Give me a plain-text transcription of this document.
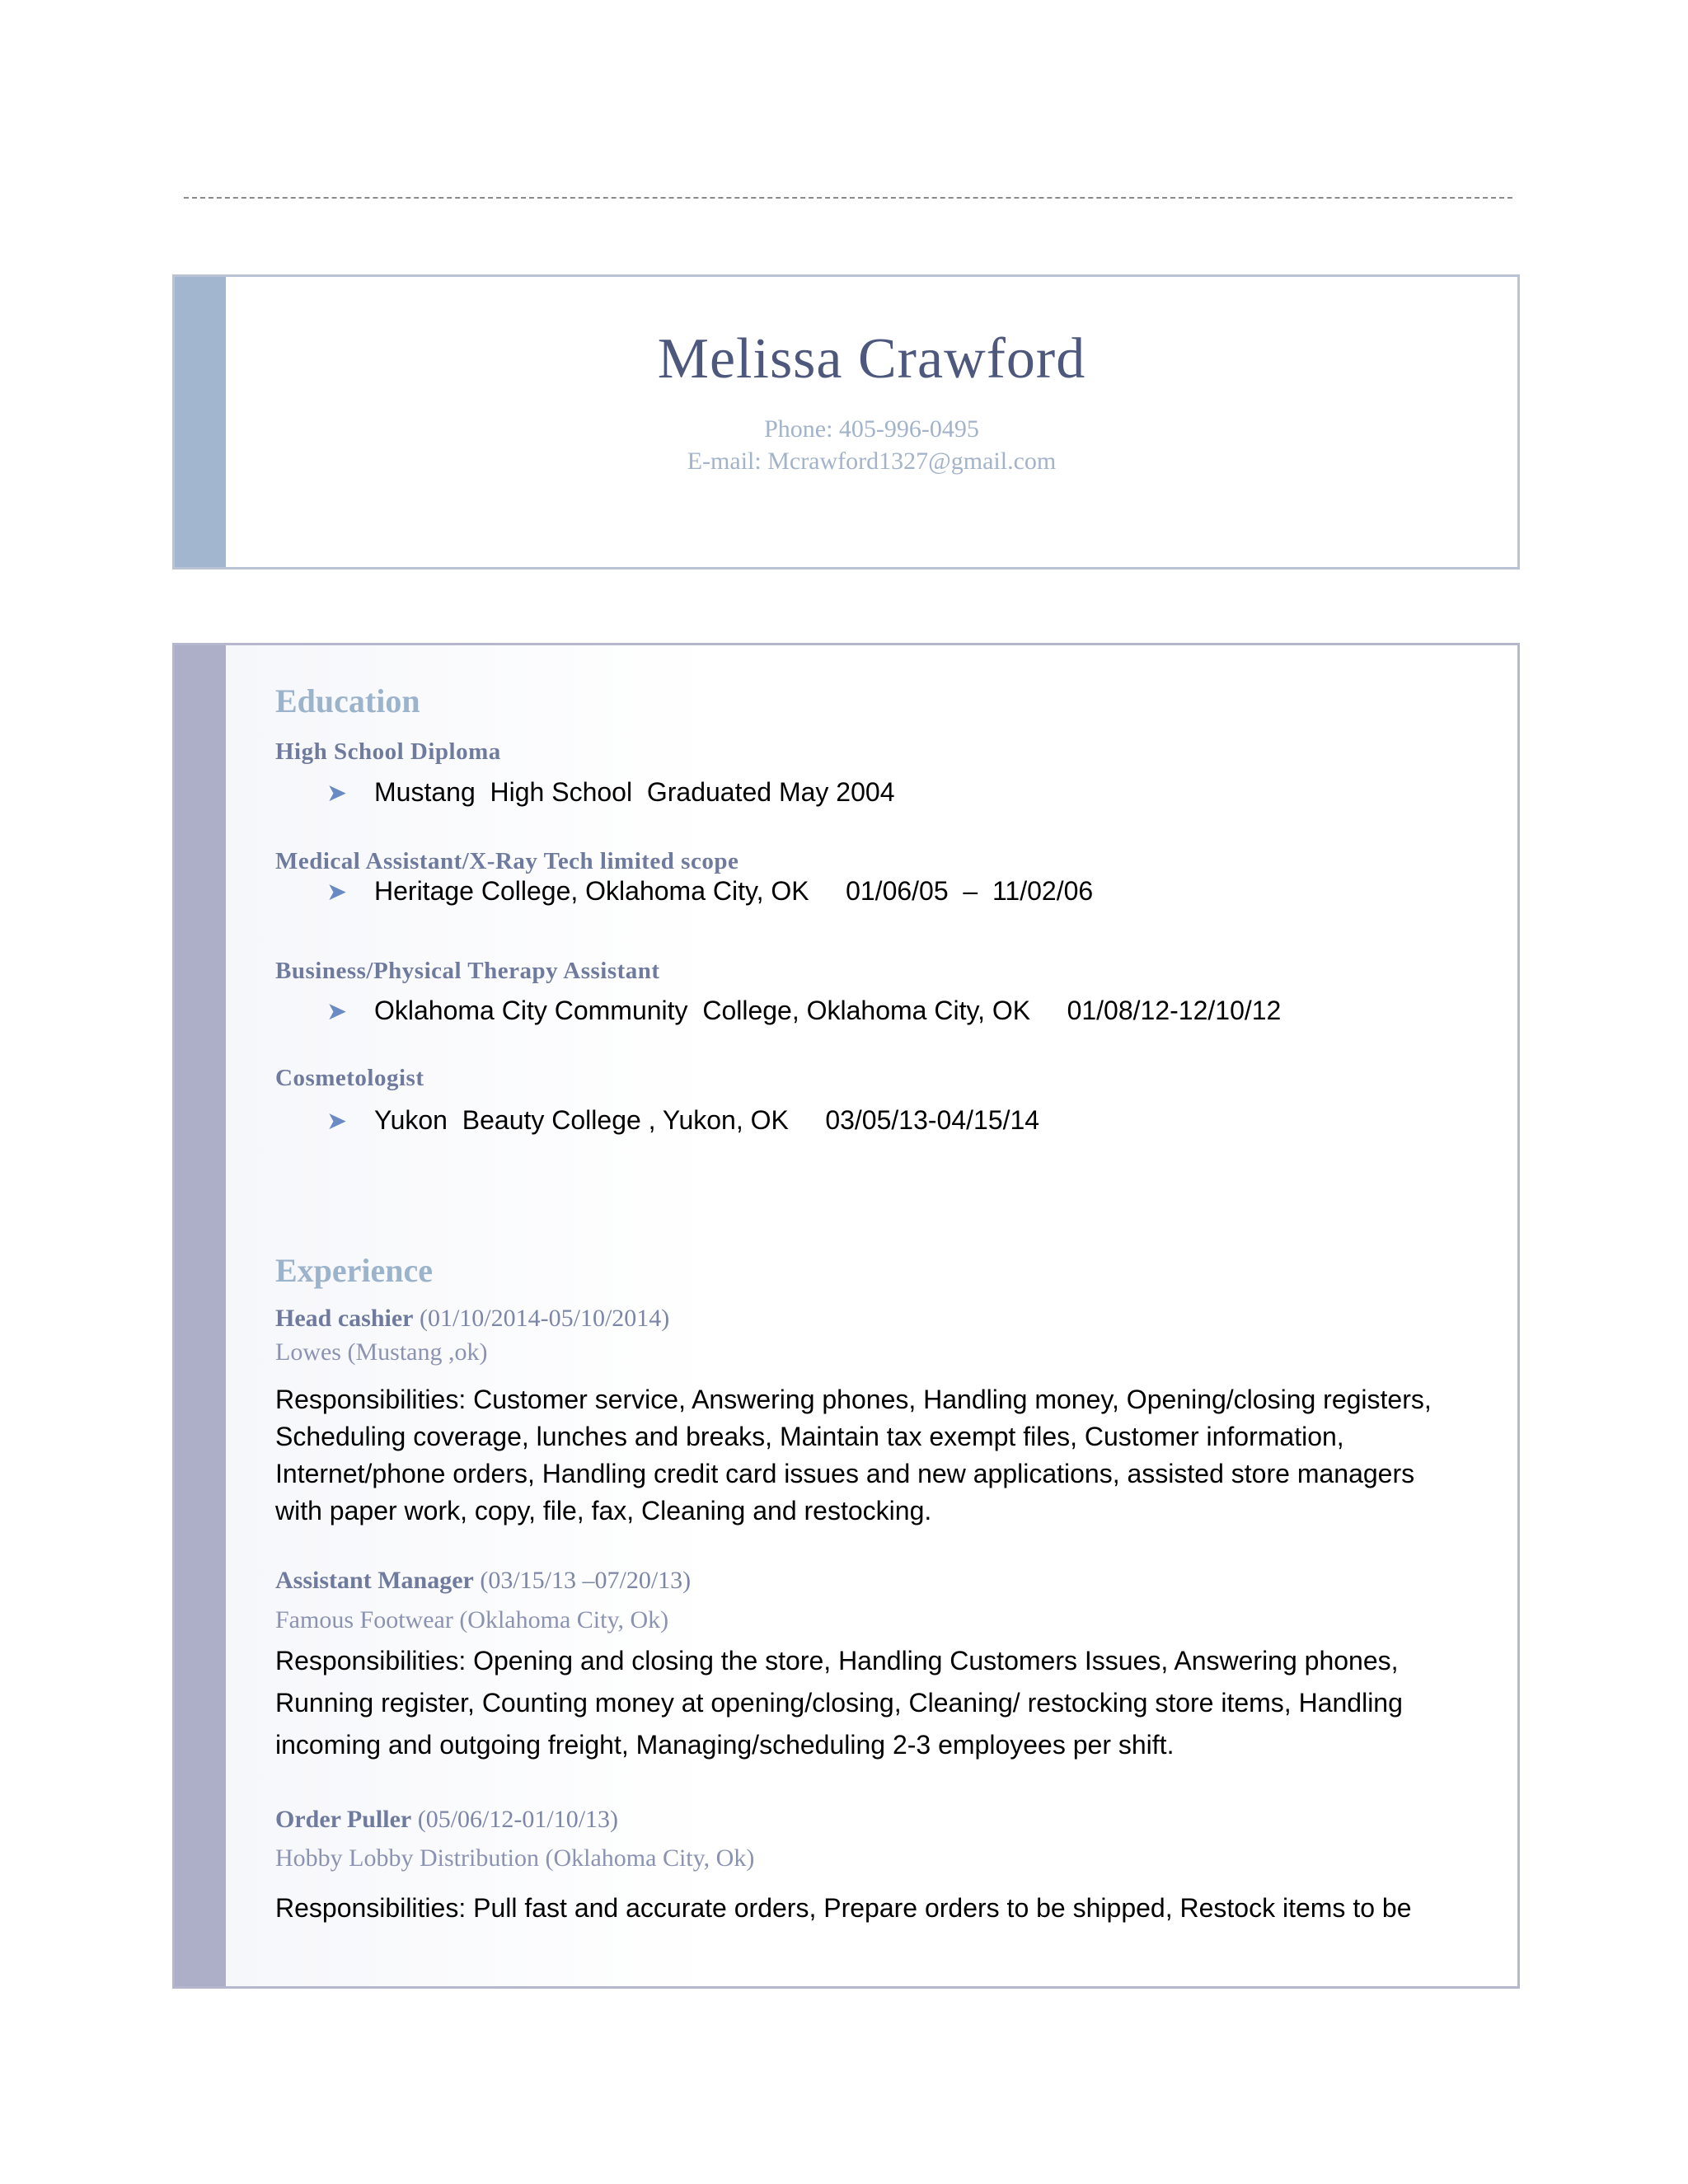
Melissa Crawford
Phone: 405-996-0495
E-mail: Mcrawford1327@gmail.com
Education
High School Diploma
➤ Mustang  High School  Graduated May 2004
Medical Assistant/X-Ray Tech limited scope
➤ Heritage College, Oklahoma City, OK     01/06/05  –  11/02/06
Business/Physical Therapy Assistant
➤ Oklahoma City Community  College, Oklahoma City, OK     01/08/12-12/10/12
Cosmetologist
➤ Yukon  Beauty College , Yukon, OK     03/05/13-04/15/14
Experience
Head cashier (01/10/2014-05/10/2014)
Lowes (Mustang ,ok)
Responsibilities: Customer service, Answering phones, Handling money, Opening/closing registers, Scheduling coverage, lunches and breaks, Maintain tax exempt files, Customer information, Internet/phone orders, Handling credit card issues and new applications, assisted store managers with paper work, copy, file, fax, Cleaning and restocking.
Assistant Manager (03/15/13 –07/20/13)
Famous Footwear (Oklahoma City, Ok)
Responsibilities: Opening and closing the store, Handling Customers Issues, Answering phones, Running register, Counting money at opening/closing, Cleaning/ restocking store items, Handling incoming and outgoing freight, Managing/scheduling 2-3 employees per shift.
Order Puller (05/06/12-01/10/13)
Hobby Lobby Distribution (Oklahoma City, Ok)
Responsibilities: Pull fast and accurate orders, Prepare orders to be shipped, Restock items to be
